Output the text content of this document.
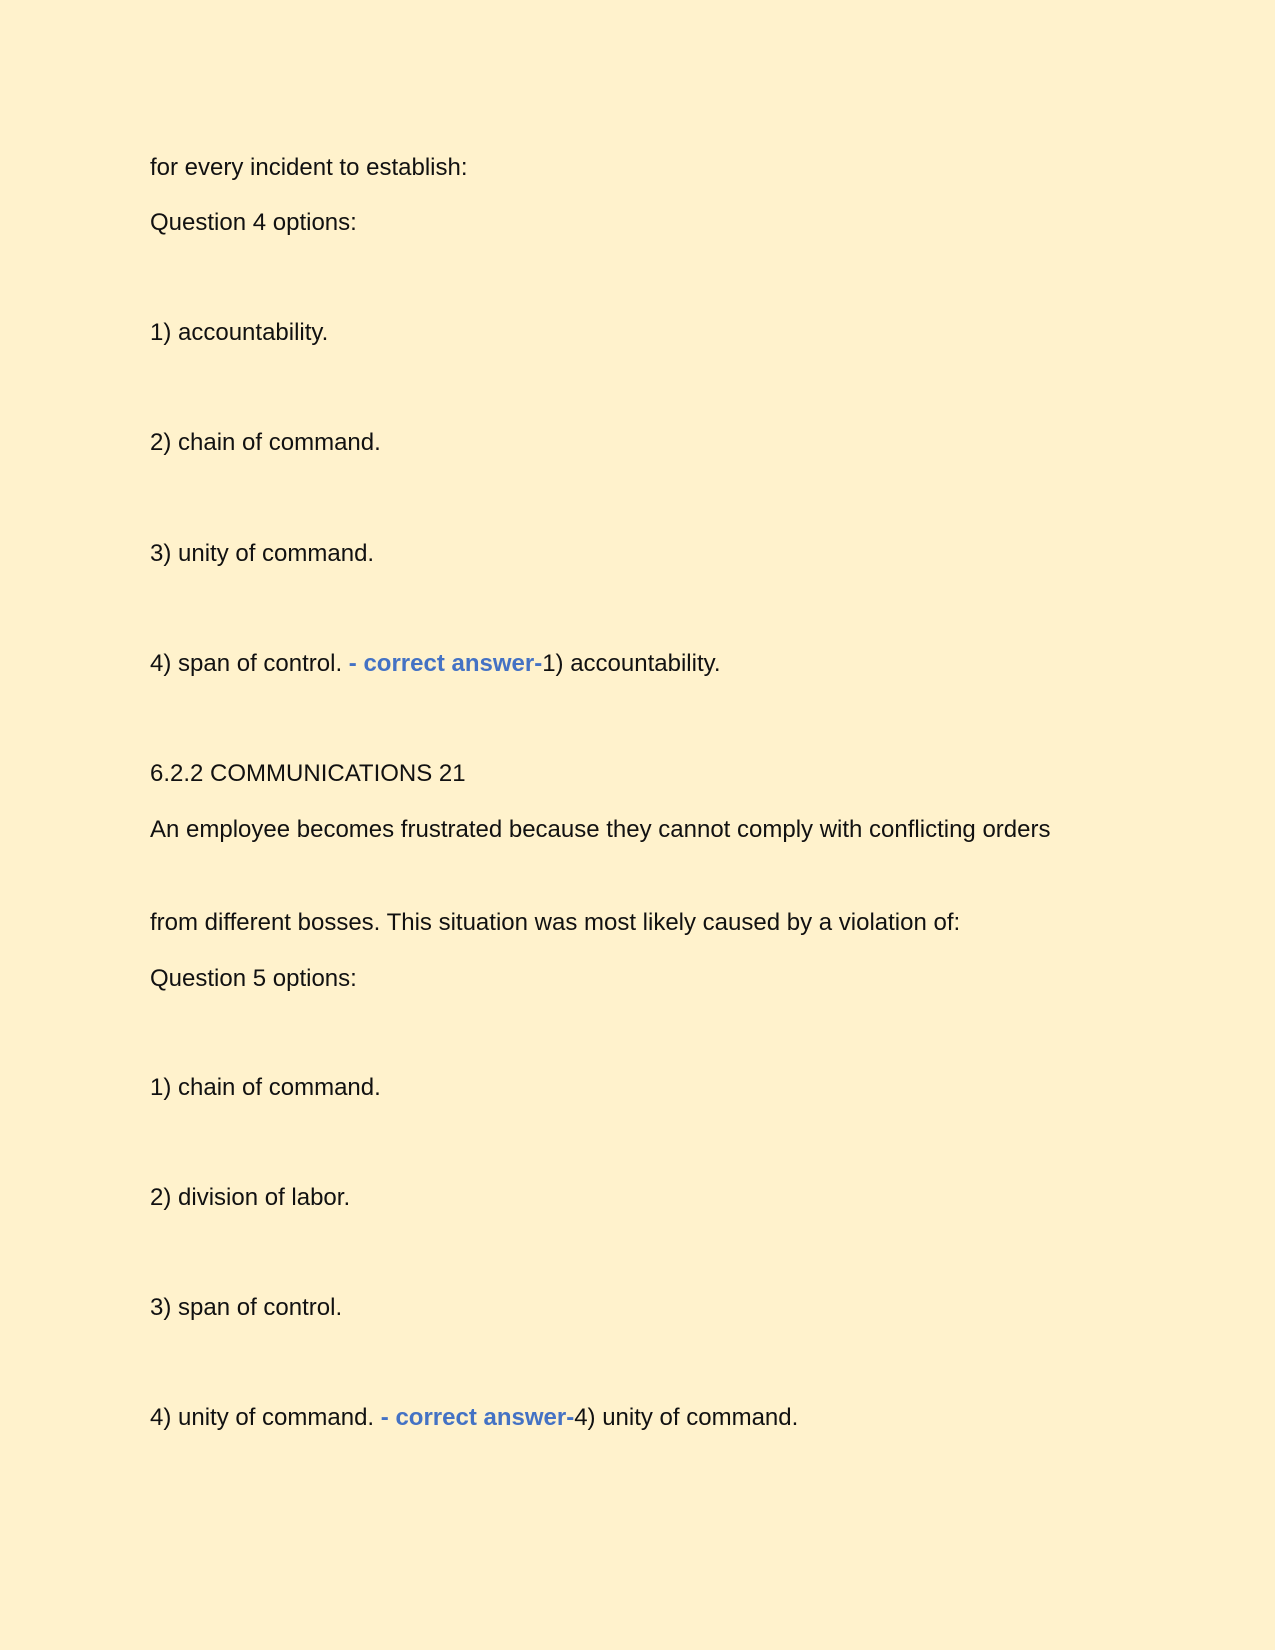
for every incident to establish:
Question 4 options:
1) accountability.
2) chain of command.
3) unity of command.
4) span of control. - correct answer-1) accountability.
6.2.2 COMMUNICATIONS 21
An employee becomes frustrated because they cannot comply with conflicting orders
from different bosses. This situation was most likely caused by a violation of:
Question 5 options:
1) chain of command.
2) division of labor.
3) span of control.
4) unity of command. - correct answer-4) unity of command.
